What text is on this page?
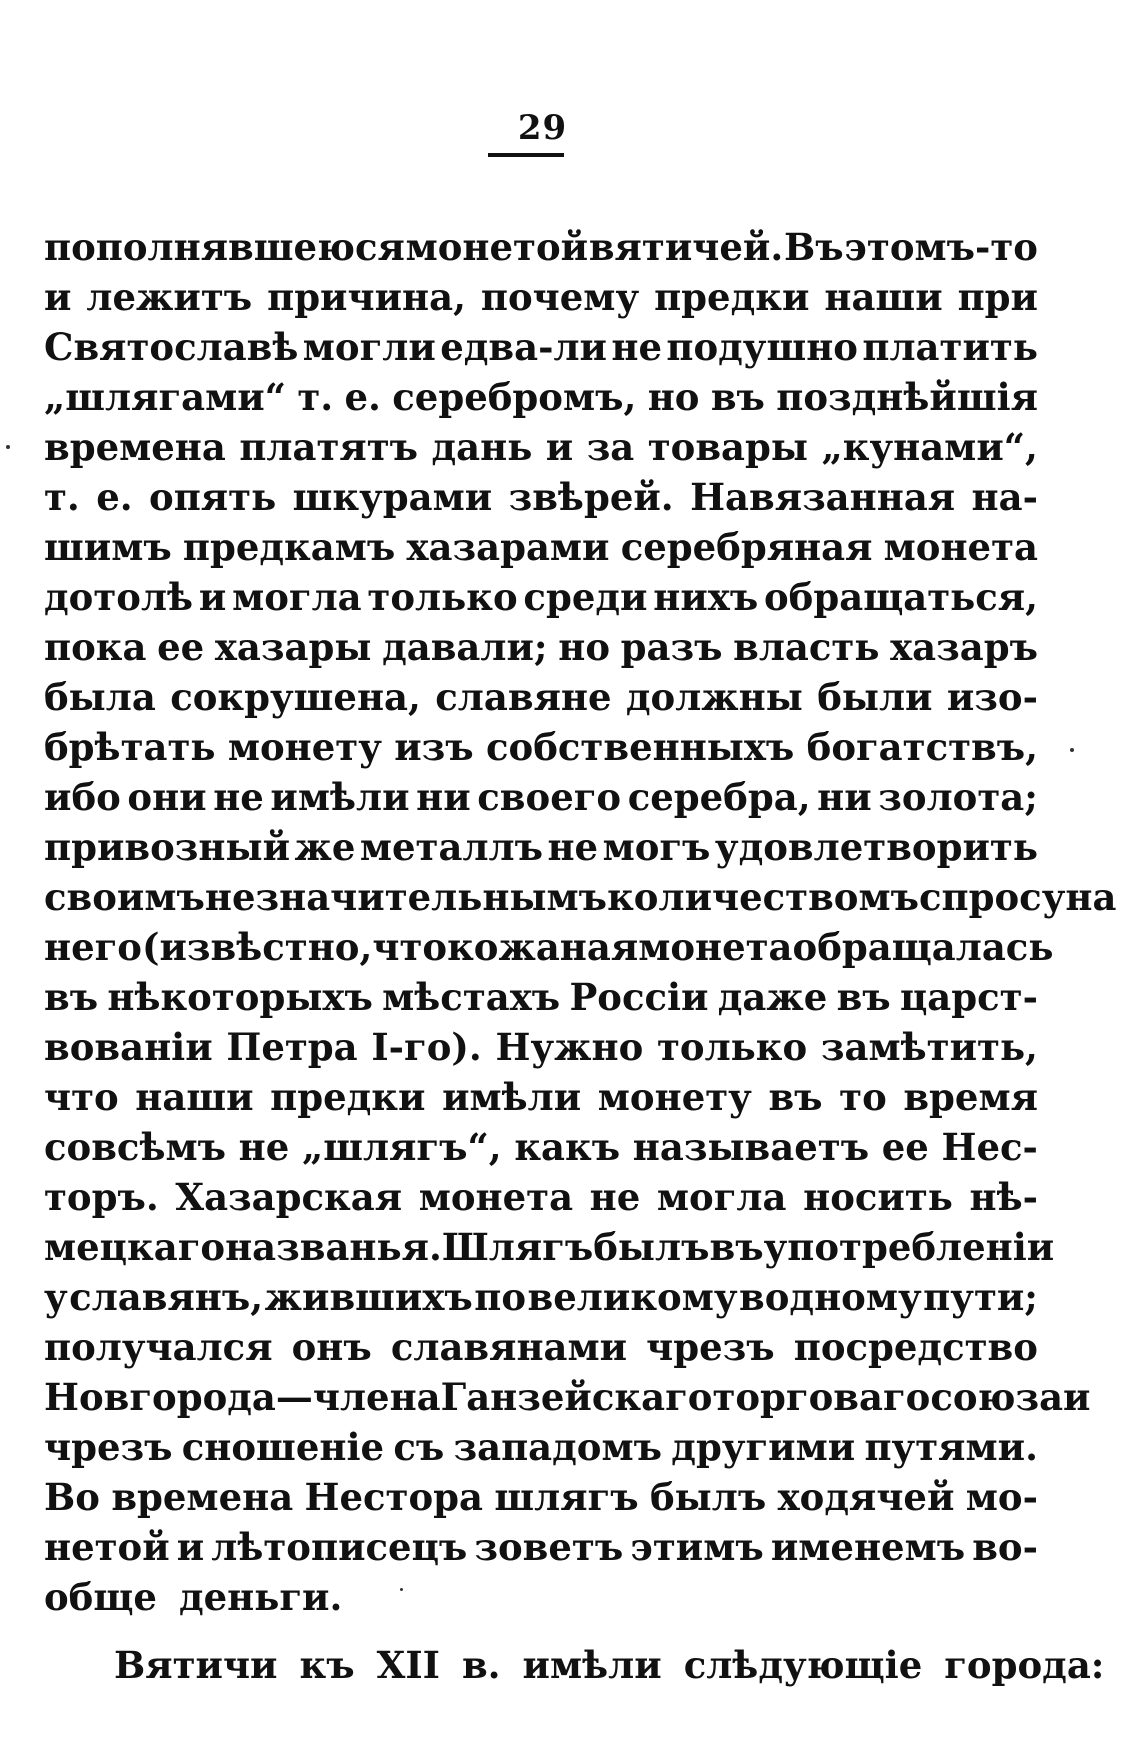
29
пополнявшеюся монетой вятичей. Въ этомъ-то
и лежитъ причина, почему предки наши при
Святославѣ могли едва-ли не подушно платить
„шлягами“ т. е. серебромъ, но въ позднѣйшія
времена платятъ дань и за товары „кунами“,
т. е. опять шкурами звѣрей. Навязанная на-
шимъ предкамъ хазарами серебряная монета
дотолѣ и могла только среди нихъ обращаться,
пока ее хазары давали; но разъ власть хазаръ
была сокрушена, славяне должны были изо-
брѣтать монету изъ собственныхъ богатствъ,
ибо они не имѣли ни своего серебра, ни золота;
привозный же металлъ не могъ удовлетворить
своимъ незначительнымъ количествомъ спросу на
него (извѣстно, что кожаная монета обращалась
въ нѣкоторыхъ мѣстахъ Россіи даже въ царст-
вованіи Петра І-го). Нужно только замѣтить,
что наши предки имѣли монету въ то время
совсѣмъ не „шлягъ“, какъ называетъ ее Нес-
торъ. Хазарская монета не могла носить нѣ-
мецкаго названья. Шлягъ былъ въ употребленіи
у славянъ, жившихъ по великому водному пути;
получался онъ славянами чрезъ посредство
Новгорода—члена Ганзейскаго торговаго союза и
чрезъ сношеніе съ западомъ другими путями.
Во времена Нестора шлягъ былъ ходячей мо-
нетой и лѣтописецъ зоветъ этимъ именемъ во-
обще деньги.
Вятичи къ XII в. имѣли слѣдующіе города:
